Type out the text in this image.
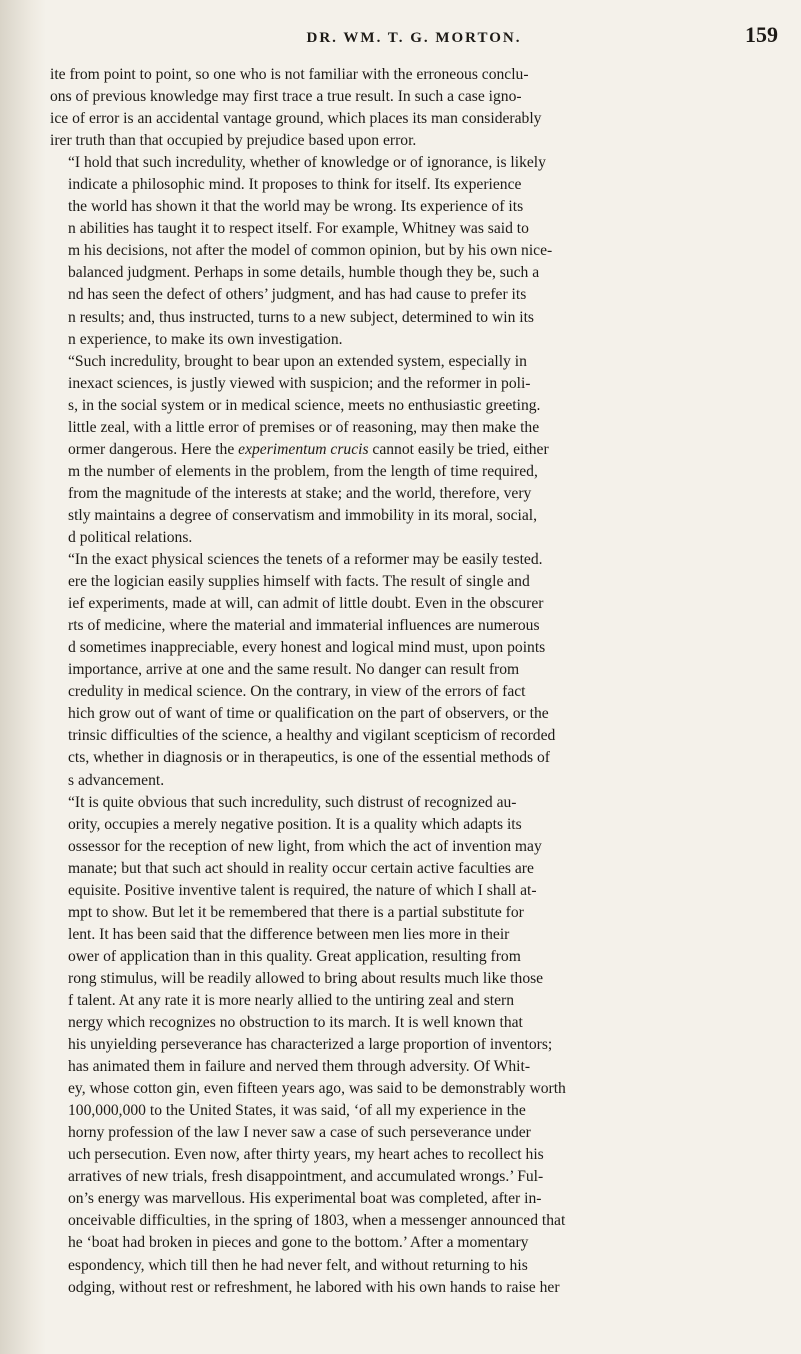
DR. WM. T. G. MORTON.	159

ite from point to point, so one who is not familiar with the erroneous conclu-
ons of previous knowledge may first trace a true result. In such a case igno-
ice of error is an accidental vantage ground, which places its man considerably
irer truth than that occupied by prejudice based upon error.

“I hold that such incredulity, whether of knowledge or of ignorance, is likely
indicate a philosophic mind. It proposes to think for itself. Its experience
the world has shown it that the world may be wrong. Its experience of its
n abilities has taught it to respect itself. For example, Whitney was said to
m his decisions, not after the model of common opinion, but by his own nice-
balanced judgment. Perhaps in some details, humble though they be, such a
nd has seen the defect of others’ judgment, and has had cause to prefer its
n results; and, thus instructed, turns to a new subject, determined to win its
n experience, to make its own investigation.

“Such incredulity, brought to bear upon an extended system, especially in
inexact sciences, is justly viewed with suspicion; and the reformer in poli-
s, in the social system or in medical science, meets no enthusiastic greeting.
little zeal, with a little error of premises or of reasoning, may then make the
ormer dangerous. Here the experimentum crucis cannot easily be tried, either
m the number of elements in the problem, from the length of time required,
from the magnitude of the interests at stake; and the world, therefore, very
stly maintains a degree of conservatism and immobility in its moral, social,
d political relations.

“In the exact physical sciences the tenets of a reformer may be easily tested.
ere the logician easily supplies himself with facts. The result of single and
ief experiments, made at will, can admit of little doubt. Even in the obscurer
rts of medicine, where the material and immaterial influences are numerous
d sometimes inappreciable, every honest and logical mind must, upon points
importance, arrive at one and the same result. No danger can result from
credulity in medical science. On the contrary, in view of the errors of fact
hich grow out of want of time or qualification on the part of observers, or the
trinsic difficulties of the science, a healthy and vigilant scepticism of recorded
cts, whether in diagnosis or in therapeutics, is one of the essential methods of
s advancement.

“It is quite obvious that such incredulity, such distrust of recognized au-
ority, occupies a merely negative position. It is a quality which adapts its
ossessor for the reception of new light, from which the act of invention may
manate; but that such act should in reality occur certain active faculties are
equisite. Positive inventive talent is required, the nature of which I shall at-
mpt to show. But let it be remembered that there is a partial substitute for
lent. It has been said that the difference between men lies more in their
ower of application than in this quality. Great application, resulting from
rong stimulus, will be readily allowed to bring about results much like those
f talent. At any rate it is more nearly allied to the untiring zeal and stern
nergy which recognizes no obstruction to its march. It is well known that
his unyielding perseverance has characterized a large proportion of inventors;
has animated them in failure and nerved them through adversity. Of Whit-
ey, whose cotton gin, even fifteen years ago, was said to be demonstrably worth
100,000,000 to the United States, it was said, ‘of all my experience in the
horny profession of the law I never saw a case of such perseverance under
uch persecution. Even now, after thirty years, my heart aches to recollect his
arratives of new trials, fresh disappointment, and accumulated wrongs.’ Ful-
on’s energy was marvellous. His experimental boat was completed, after in-
onceivable difficulties, in the spring of 1803, when a messenger announced that
he ‘boat had broken in pieces and gone to the bottom.’ After a momentary
espondency, which till then he had never felt, and without returning to his
odging, without rest or refreshment, he labored with his own hands to raise her
